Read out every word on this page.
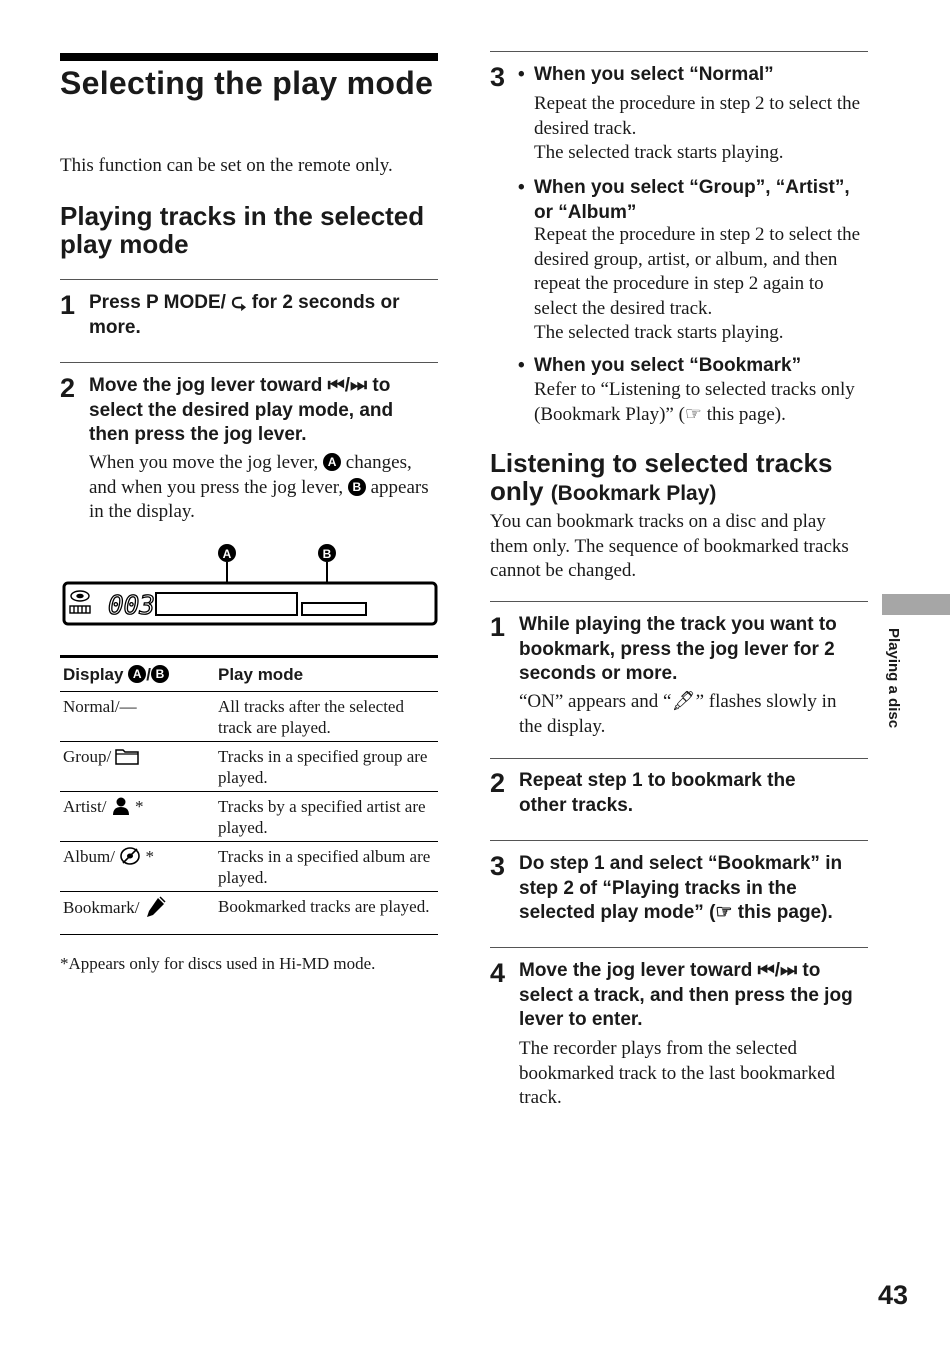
Selecting the play mode

This function can be set on the remote only.

Playing tracks in the selected play mode
1 Press P MODE/ ⮎ for 2 seconds or more.

2 Move the jog lever toward ⏮/⏭ to select the desired play mode, and then press the jog lever.

When you move the jog lever, A changes, and when you press the jog lever, B appears in the display.

A	B
003
Display A / B	Play mode
Normal/—	All tracks after the selected track are played.
Group/	Tracks in a specified group are played.
Artist/ *	Tracks by a specified artist are played.
Album/ *	Tracks in a specified album are played.
Bookmark/	Bookmarked tracks are played.

*Appears only for discs used in Hi-MD mode.

3 • When you select “Normal”

Repeat the procedure in step 2 to select the desired track.

The selected track starts playing.

• When you select “Group”, “Artist”, or “Album”

Repeat the procedure in step 2 to select the desired group, artist, or album, and then repeat the procedure in step 2 again to select the desired track.

The selected track starts playing.

• When you select “Bookmark”

Refer to “Listening to selected tracks only (Bookmark Play)” (☞ this page).

Listening to selected tracks only (Bookmark Play)

You can bookmark tracks on a disc and play them only. The sequence of bookmarked tracks cannot be changed.

1 While playing the track you want to bookmark, press the jog lever for 2 seconds or more.

“ON” appears and “🖋” flashes slowly in the display.

2 Repeat step 1 to bookmark the other tracks.

3 Do step 1 and select “Bookmark” in step 2 of “Playing tracks in the selected play mode” (☞ this page).

4 Move the jog lever toward ⏮/⏭ to select a track, and then press the jog lever to enter.

The recorder plays from the selected bookmarked track to the last bookmarked track.

Playing a disc
43
